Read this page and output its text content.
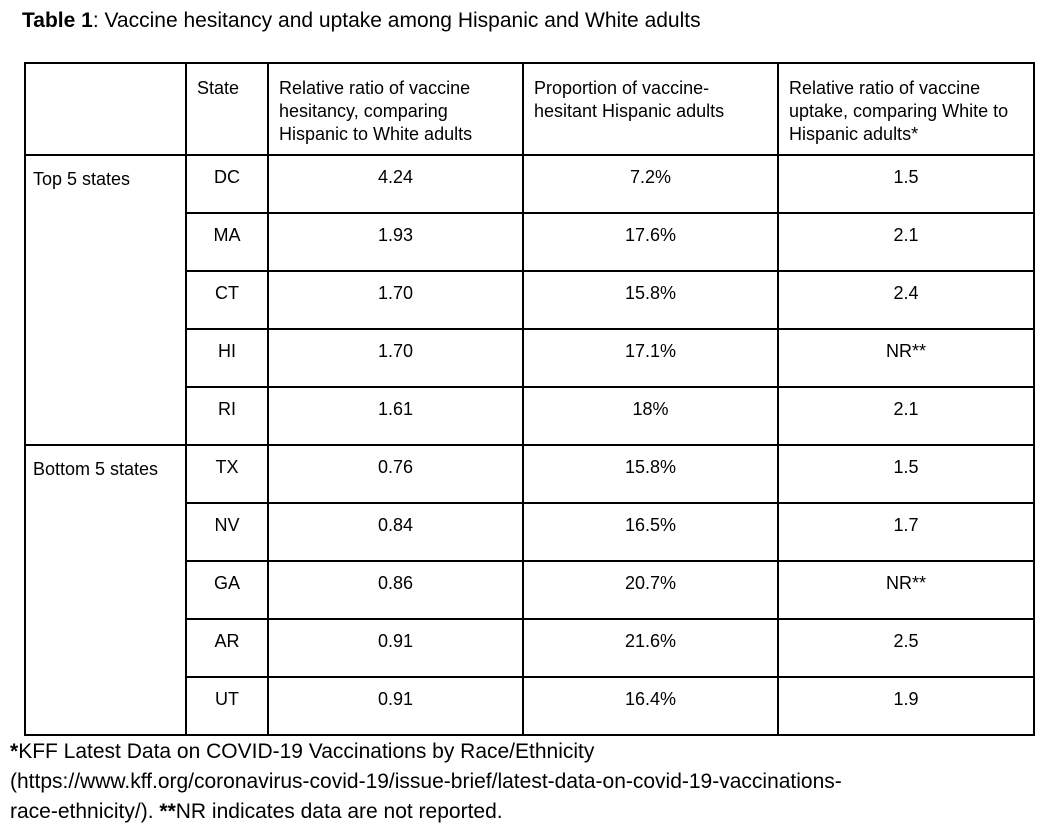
Table 1: Vaccine hesitancy and uptake among Hispanic and White adults
	State	Relative ratio of vaccine hesitancy, comparing Hispanic to White adults	Proportion of vaccine-hesitant Hispanic adults	Relative ratio of vaccine uptake, comparing White to Hispanic adults*
Top 5 states	DC	4.24	7.2%	1.5
	MA	1.93	17.6%	2.1
	CT	1.70	15.8%	2.4
	HI	1.70	17.1%	NR**
	RI	1.61	18%	2.1
Bottom 5 states	TX	0.76	15.8%	1.5
	NV	0.84	16.5%	1.7
	GA	0.86	20.7%	NR**
	AR	0.91	21.6%	2.5
	UT	0.91	16.4%	1.9
*KFF Latest Data on COVID-19 Vaccinations by Race/Ethnicity
(https://www.kff.org/coronavirus-covid-19/issue-brief/latest-data-on-covid-19-vaccinations-
race-ethnicity/). **NR indicates data are not reported.
